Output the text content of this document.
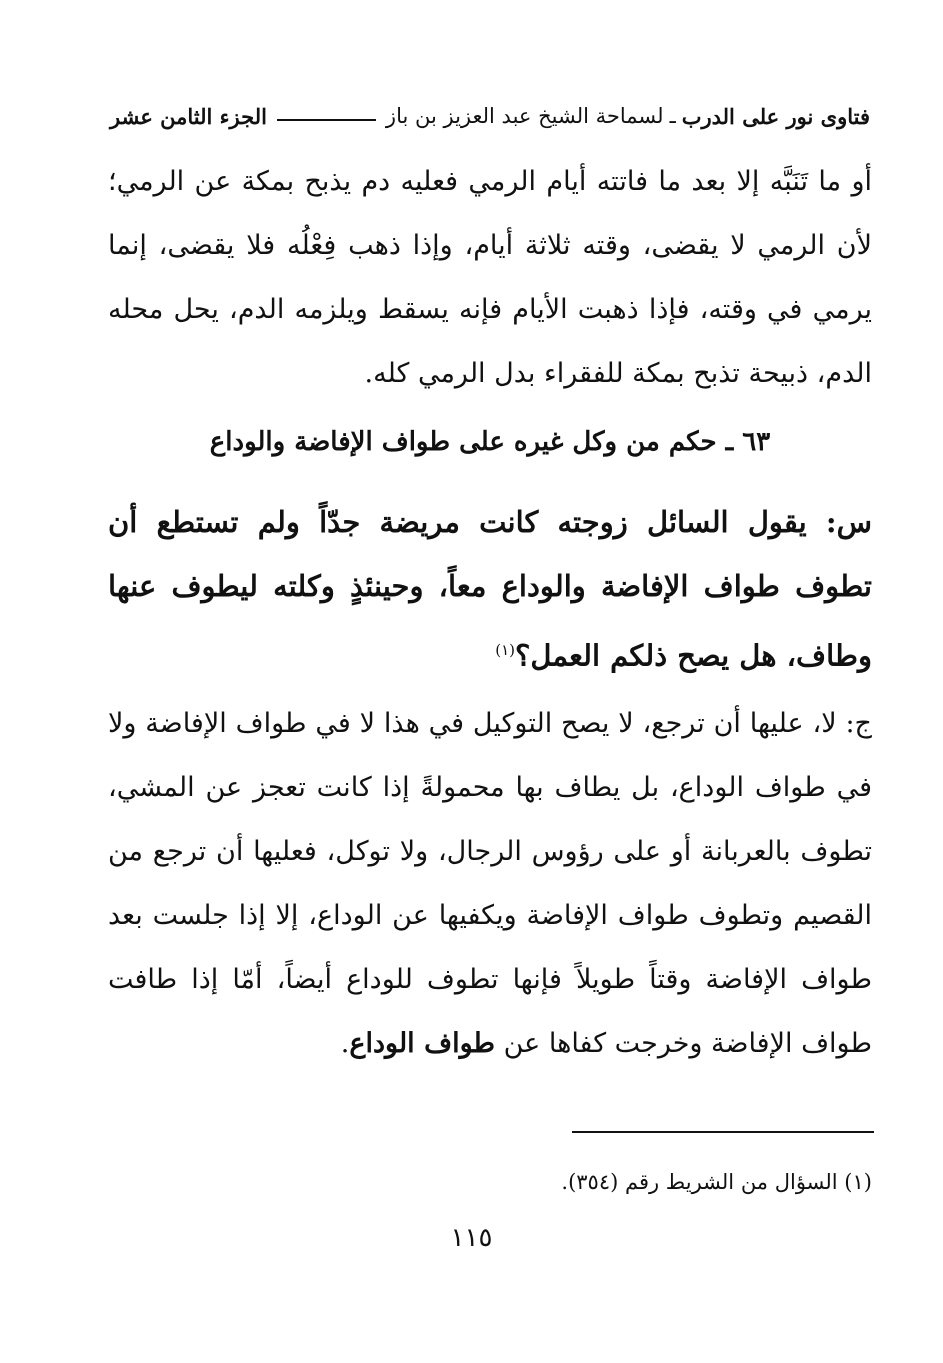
فتاوى نور على الدرب
ـ
لسماحة الشيخ عبد العزيز بن باز
الجزء الثامن عشر

أو ما تَنَبَّه إلا بعد ما فاتته أيام الرمي فعليه دم يذبح بمكة عن الرمي؛ لأن الرمي لا يقضى، وقته ثلاثة أيام، وإذا ذهب فِعْلُه فلا يقضى، إنما يرمي في وقته، فإذا ذهبت الأيام فإنه يسقط ويلزمه الدم، يحل محله الدم، ذبيحة تذبح بمكة للفقراء بدل الرمي كله.

٦٣ ـ حكم من وكل غيره على طواف الإفاضة والوداع

س: يقول السائل زوجته كانت مريضة جدّاً ولم تستطع أن تطوف طواف الإفاضة والوداع معاً، وحينئذٍ وكلته ليطوف عنها وطاف، هل يصح ذلكم العمل؟$^{(١)}$

ج: لا، عليها أن ترجع، لا يصح التوكيل في هذا لا في طواف الإفاضة ولا في طواف الوداع، بل يطاف بها محمولةً إذا كانت تعجز عن المشي، تطوف بالعربانة أو على رؤوس الرجال، ولا توكل، فعليها أن ترجع من القصيم وتطوف طواف الإفاضة ويكفيها عن الوداع، إلا إذا جلست بعد طواف الإفاضة وقتاً طويلاً فإنها تطوف للوداع أيضاً، أمّا إذا طافت طواف الإفاضة وخرجت كفاها عن طواف الوداع.

(١) السؤال من الشريط رقم (٣٥٤).

١١٥
